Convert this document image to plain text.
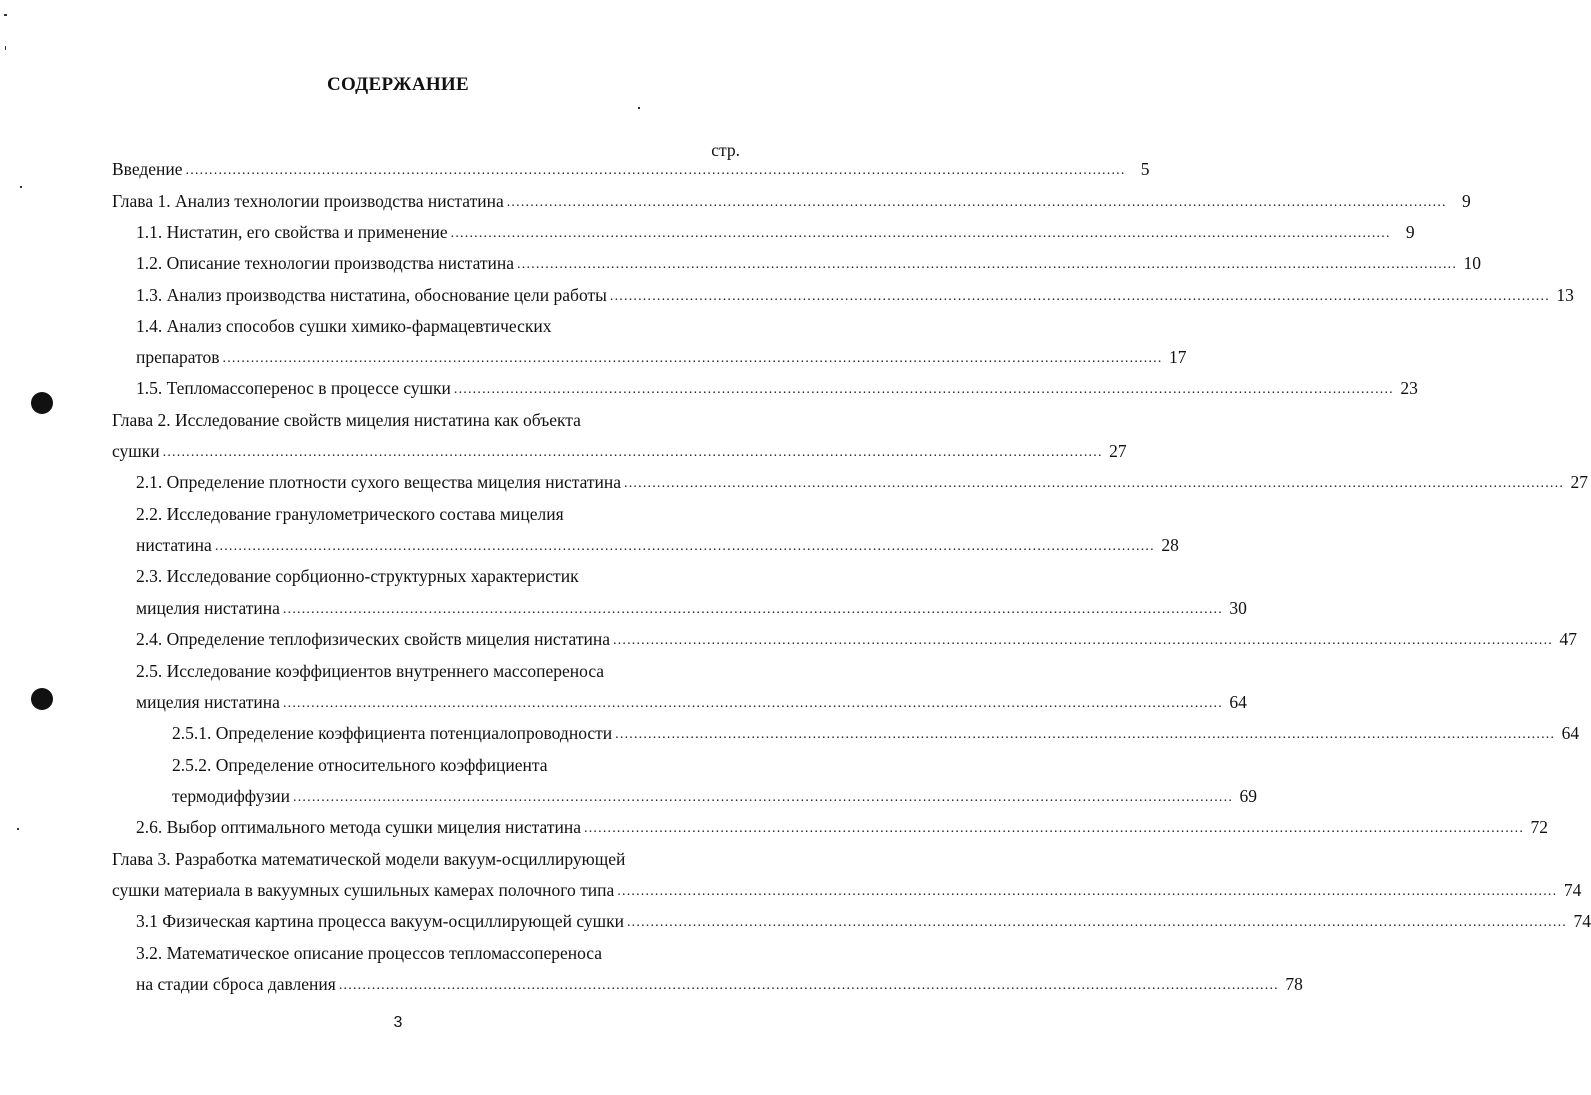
СОДЕРЖАНИЕ
стр.
Введение ........................................................................................................................................................................................................ 5
Глава 1. Анализ технологии производства нистатина ........................................................................................................................................................................................................ 9
1.1. Нистатин, его свойства и применение ........................................................................................................................................................................................................ 9
1.2. Описание технологии производства нистатина ........................................................................................................................................................................................................ 10
1.3. Анализ производства нистатина, обоснование цели работы ........................................................................................................................................................................................................ 13
1.4. Анализ способов сушки химико-фармацевтических
препаратов ........................................................................................................................................................................................................ 17
1.5. Тепломассоперенос в процессе сушки ........................................................................................................................................................................................................ 23
Глава 2. Исследование свойств мицелия нистатина как объекта
сушки ........................................................................................................................................................................................................ 27
2.1. Определение плотности сухого вещества мицелия нистатина ........................................................................................................................................................................................................ 27
2.2. Исследование гранулометрического состава мицелия
нистатина ........................................................................................................................................................................................................ 28
2.3. Исследование сорбционно-структурных характеристик
мицелия нистатина ........................................................................................................................................................................................................ 30
2.4. Определение теплофизических свойств мицелия нистатина ........................................................................................................................................................................................................ 47
2.5. Исследование коэффициентов внутреннего массопереноса
мицелия нистатина ........................................................................................................................................................................................................ 64
2.5.1. Определение коэффициента потенциалопроводности ........................................................................................................................................................................................................ 64
2.5.2. Определение относительного коэффициента
термодиффузии ........................................................................................................................................................................................................ 69
2.6. Выбор оптимального метода сушки мицелия нистатина ........................................................................................................................................................................................................ 72
Глава 3. Разработка математической модели вакуум-осциллирующей
сушки материала в вакуумных сушильных камерах полочного типа ........................................................................................................................................................................................................ 74
3.1 Физическая картина процесса вакуум-осциллирующей сушки ........................................................................................................................................................................................................ 74
3.2. Математическое описание процессов тепломассопереноса
на стадии сброса давления ........................................................................................................................................................................................................ 78
3
